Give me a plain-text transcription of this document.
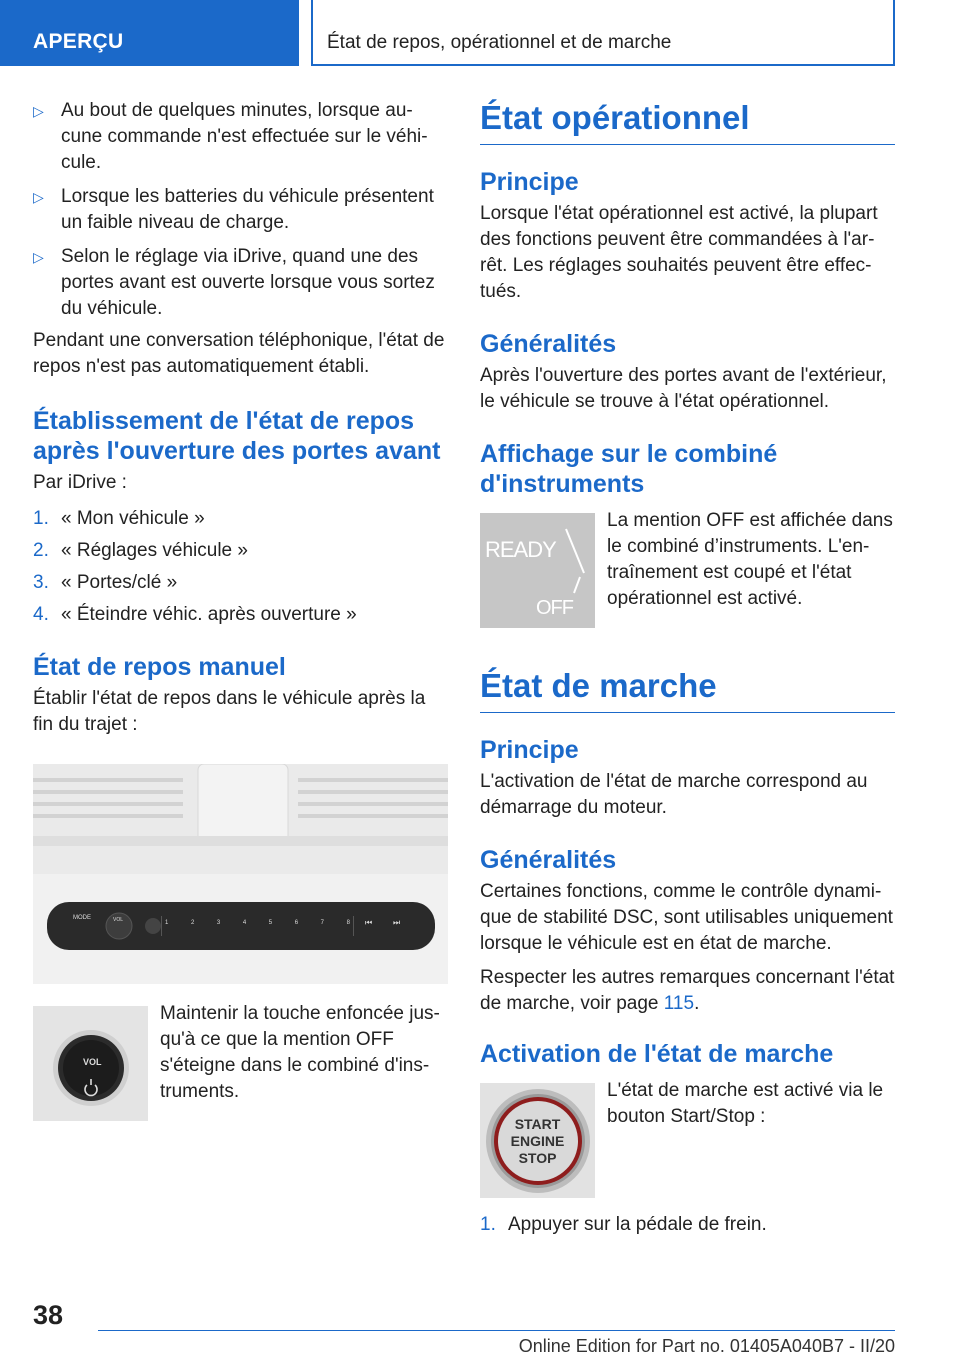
APERÇU	État de repos, opérationnel et de marche
▷ Au bout de quelques minutes, lorsque au-cune commande n'est effectuée sur le véhi-cule.
▷ Lorsque les batteries du véhicule présentent un faible niveau de charge.
▷ Selon le réglage via iDrive, quand une des portes avant est ouverte lorsque vous sortez du véhicule.

Pendant une conversation téléphonique, l'état de repos n'est pas automatiquement établi.

Établissement de l'état de repos après l'ouverture des portes avant

Par iDrive :

1. « Mon véhicule »
2. « Réglages véhicule »
3. « Portes/clé »
4. « Éteindre véhic. après ouverture »
État de repos manuel

Établir l'état de repos dans le véhicule après la fin du trajet :

MODE	VOL	1	2	3	4	5	6	7	8 ⏮	⏭
VOL

Maintenir la touche enfoncée jus-qu'à ce que la mention OFF s'éteigne dans le combiné d'ins-truments.

État opérationnel
Principe

Lorsque l'état opérationnel est activé, la plupart des fonctions peuvent être commandées à l'ar-rêt. Les réglages souhaités peuvent être effec-tués.

Généralités

Après l'ouverture des portes avant de l'extérieur, le véhicule se trouve à l'état opérationnel.

Affichage sur le combiné d'instruments
READY
OFF

La mention OFF est affichée dans le combiné d’instruments. L'en-traînement est coupé et l'état opérationnel est activé.

État de marche
Principe

L'activation de l'état de marche correspond au démarrage du moteur.

Généralités

Certaines fonctions, comme le contrôle dynami-que de stabilité DSC, sont utilisables uniquement lorsque le véhicule est en état de marche.

Respecter les autres remarques concernant l'état de marche, voir page 115.

Activation de l'état de marche
START
ENGINE
STOP

L'état de marche est activé via le bouton Start/Stop :

1. Appuyer sur la pédale de frein.
38
Online Edition for Part no. 01405A040B7 - II/20
